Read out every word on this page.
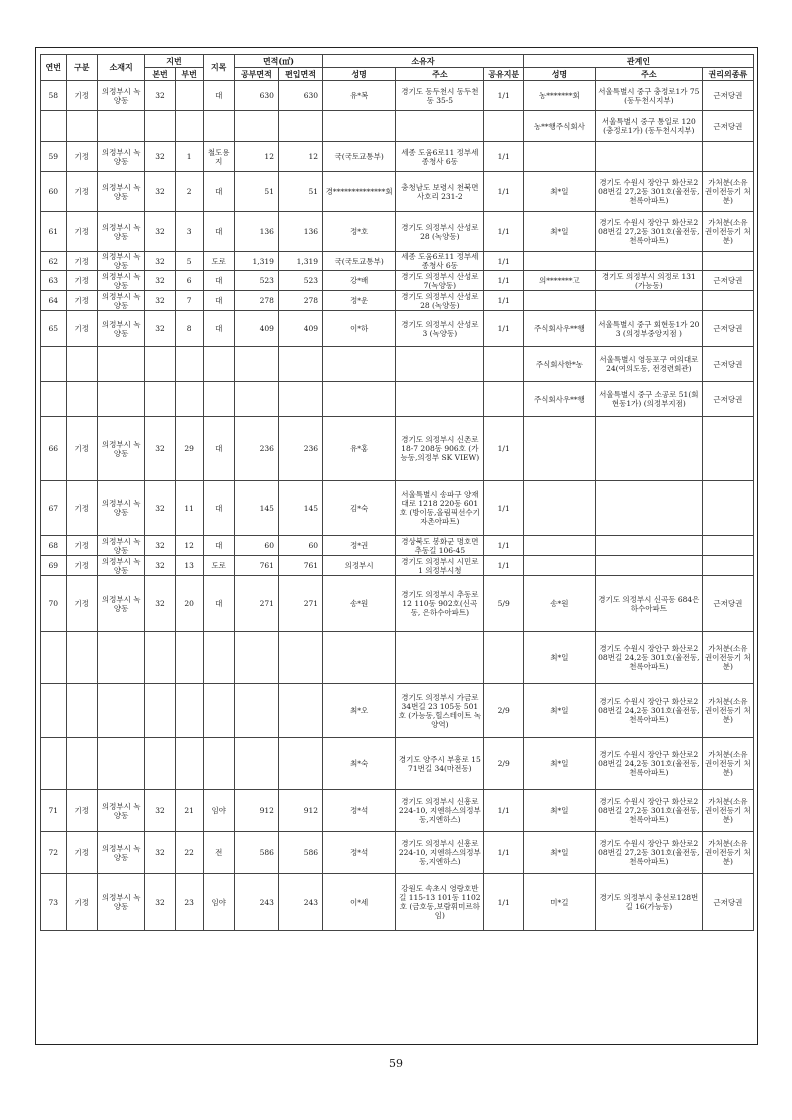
연번	구분	소재지	지번		지목	면적(㎡)		소유자			관계인		
			본번	부번		공부면적	편입면적	성명	주소	공유지분	성명	주소	권리의종류
58	기정	의정부시 녹양동	32		대	630	630	유*복	경기도 동두천시 동두천동 35-5	1/1	농*******회	서울특별시 중구 충정로1가 75 (동두천시지부)	근저당권
											농**행주식회사	서울특별시 중구 통일로 120 (충정로1가) (동두천시지부)	근저당권
59	기정	의정부시 녹양동	32	1	철도용지	12	12	국(국토교통부)	세종 도움6로11 정부세종청사 6동	1/1			
60	기정	의정부시 녹양동	32	2	대	51	51	경**************회	충청남도 보령시 천북면 사호리 231-2	1/1	최*일	경기도 수원시 장안구 화산로208번길 27,2동 301호(율전동, 천록아파트)	가처분(소유권이전등기 처분)
61	기정	의정부시 녹양동	32	3	대	136	136	정*호	경기도 의정부시 산성로 28 (녹양동)	1/1	최*일	경기도 수원시 장안구 화산로208번길 27,2동 301호(율전동, 천록아파트)	가처분(소유권이전등기 처분)
62	기정	의정부시 녹양동	32	5	도로	1,319	1,319	국(국토교통부)	세종 도움6로11 정부세종청사 6동	1/1			
63	기정	의정부시 녹양동	32	6	대	523	523	강*배	경기도 의정부시 산성로 7(녹양동)	1/1	의*******고	경기도 의정부시 의정로 131(가능동)	근저당권
64	기정	의정부시 녹양동	32	7	대	278	278	정*운	경기도 의정부시 산성로 28 (녹양동)	1/1			
65	기정	의정부시 녹양동	32	8	대	409	409	이*하	경기도 의정부시 산성로 3 (녹양동)	1/1	주식회사우**행	서울특별시 중구 회현동1가 203 (의정부중앙지점 )	근저당권
											주식회사한*농	서울특별시 영등포구 여의대로24(여의도동, 전경련회관)	근저당권
											주식회사우**행	서울특별시 중구 소공로 51(회현동1가) (의정부지점)	근저당권
66	기정	의정부시 녹양동	32	29	대	236	236	유*홍	경기도 의정부시 신촌로 18-7 208동 906호 (가능동,의정부 SK VIEW)	1/1			
67	기정	의정부시 녹양동	32	11	대	145	145	김*숙	서울특별시 송파구 양재대로 1218 220동 601호 (방이동,올림픽선수기자촌아파트)	1/1			
68	기정	의정부시 녹양동	32	12	대	60	60	정*권	경상북도 봉화군 명호면 추동길 106-45	1/1			
69	기정	의정부시 녹양동	32	13	도로	761	761	의정부시	경기도 의정부시 시민로 1 의정부시청	1/1			
70	기정	의정부시 녹양동	32	20	대	271	271	송*원	경기도 의정부시 추동로 12 110동 902호(신곡동, 은하수아파트)	5/9	송*원	경기도 의정부시 신곡동 684은하수아파트	근저당권
											최*일	경기도 수원시 장안구 화산로208번길 24,2동 301호(율전동, 천록아파트)	가처분(소유권이전등기 처분)
								최*오	경기도 의정부시 가금로 34번길 23 105동 501호 (가능동,힐스테이트 녹양역)	2/9	최*일	경기도 수원시 장안구 화산로208번길 24,2동 301호(율전동, 천록아파트)	가처분(소유권이전등기 처분)
								최*숙	경기도 양주시 부흥로 1571번길 34(마전동)	2/9	최*일	경기도 수원시 장안구 화산로208번길 24,2동 301호(율전동, 천록아파트)	가처분(소유권이전등기 처분)
71	기정	의정부시 녹양동	32	21	임야	912	912	정*석	경기도 의정부시 신흥로 224-10, 지엔하스의정부동,지엔하스)	1/1	최*일	경기도 수원시 장안구 화산로208번길 27,2동 301호(율전동, 천록아파트)	가처분(소유권이전등기 처분)
72	기정	의정부시 녹양동	32	22	전	586	586	정*석	경기도 의정부시 신흥로 224-10, 지엔하스의정부동,지엔하스)	1/1	최*일	경기도 수원시 장안구 화산로208번길 27,2동 301호(율전동, 천록아파트)	가처분(소유권이전등기 처분)
73	기정	의정부시 녹양동	32	23	임야	243	243	이*세	강원도 속초시 영랑호반길 115-13 101동 1102호 (금호동,보람휘미르하임)	1/1	미*길	경기도 의정부시 충선로128번길 16(가능동)	근저당권
59
